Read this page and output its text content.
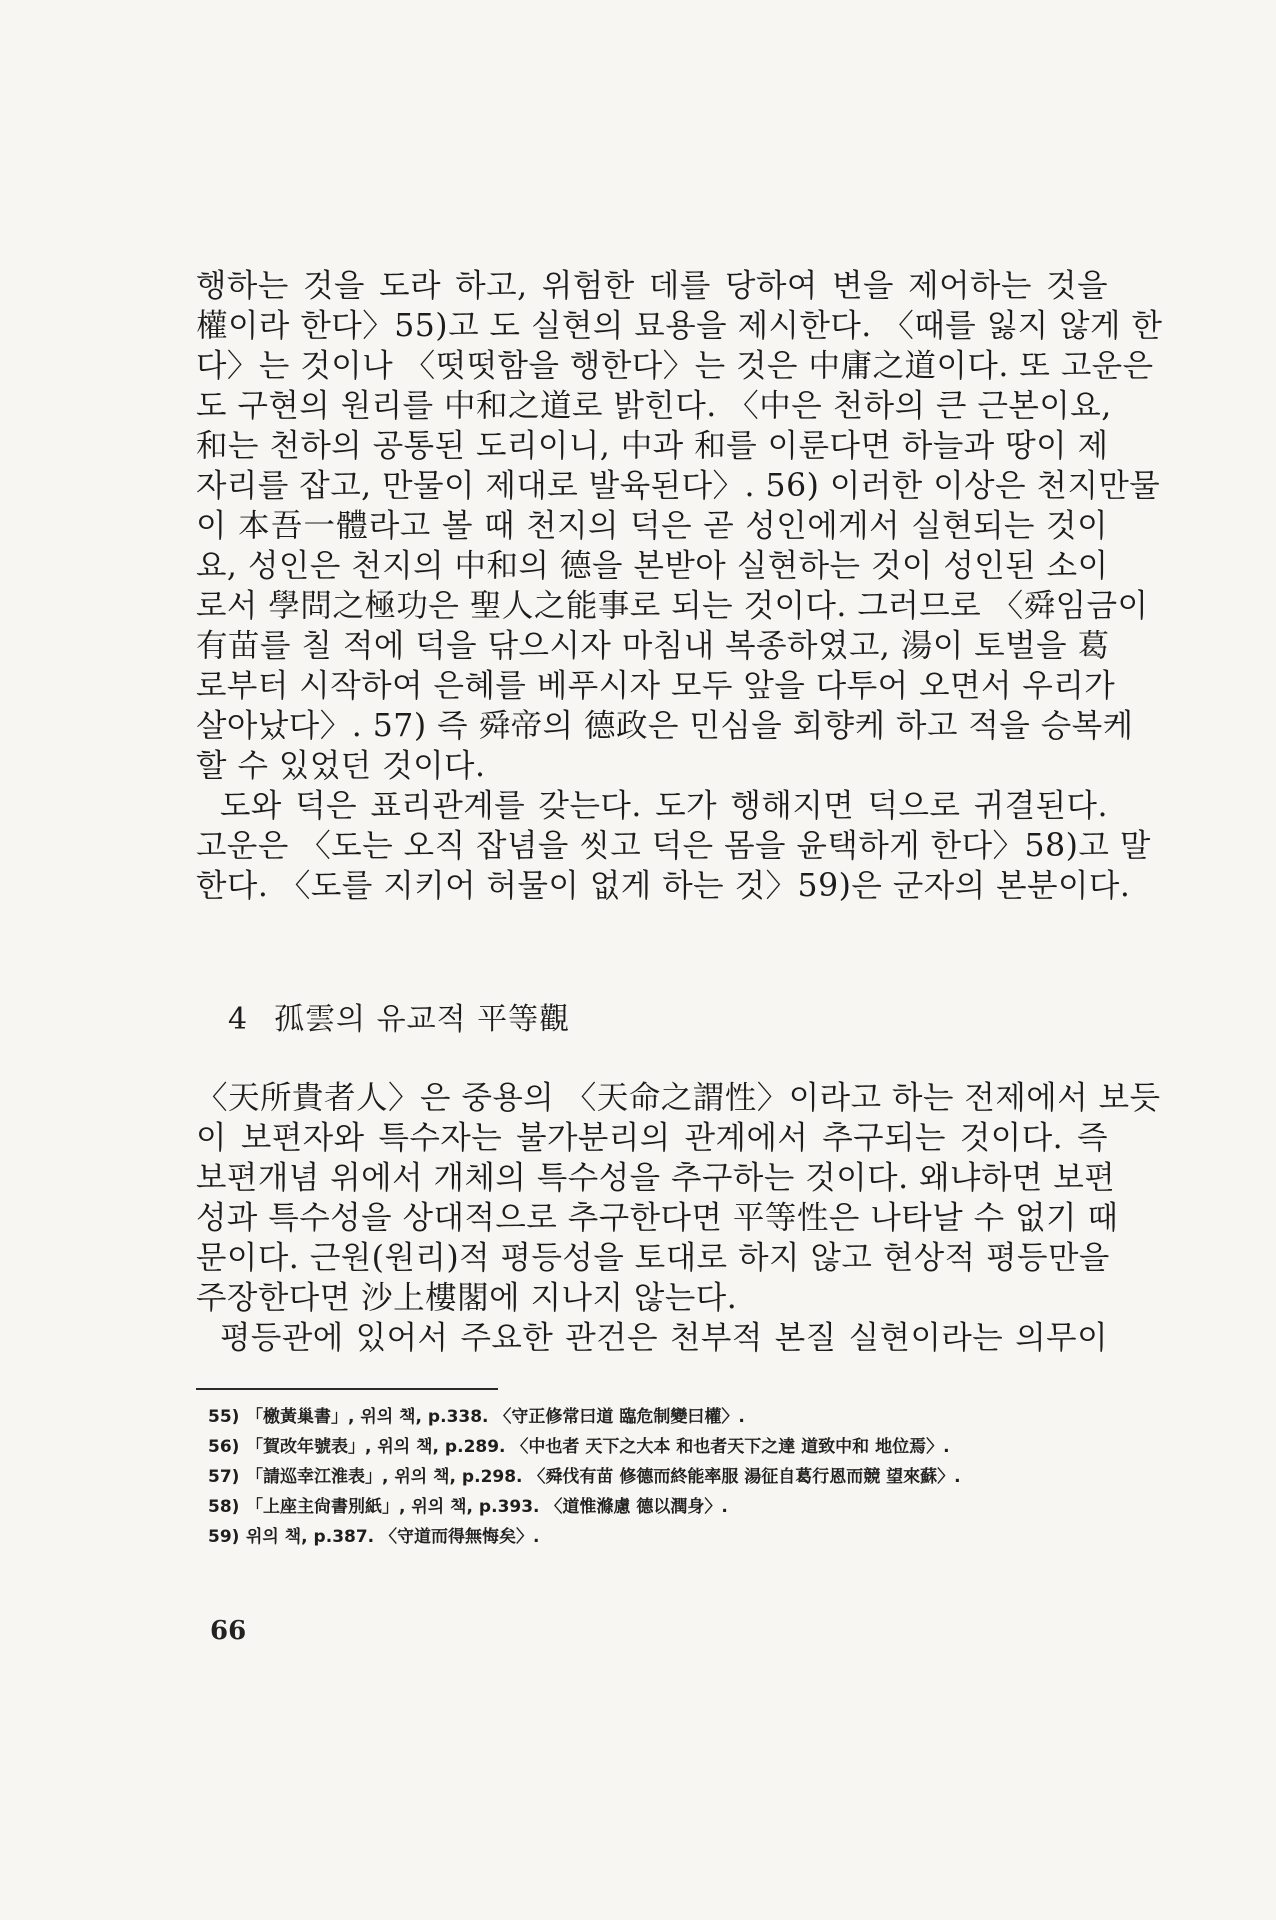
행하는 것을 도라 하고, 위험한 데를 당하여 변을 제어하는 것을
權이라 한다〉55)고 도 실현의 묘용을 제시한다. 〈때를 잃지 않게 한
다〉는 것이나 〈떳떳함을 행한다〉는 것은 中庸之道이다. 또 고운은
도 구현의 원리를 中和之道로 밝힌다. 〈中은 천하의 큰 근본이요,
和는 천하의 공통된 도리이니, 中과 和를 이룬다면 하늘과 땅이 제
자리를 잡고, 만물이 제대로 발육된다〉. 56) 이러한 이상은 천지만물
이 本吾一體라고 볼 때 천지의 덕은 곧 성인에게서 실현되는 것이
요, 성인은 천지의 中和의 德을 본받아 실현하는 것이 성인된 소이
로서 學問之極功은 聖人之能事로 되는 것이다. 그러므로 〈舜임금이
有苗를 칠 적에 덕을 닦으시자 마침내 복종하였고, 湯이 토벌을 葛
로부터 시작하여 은혜를 베푸시자 모두 앞을 다투어 오면서 우리가
살아났다〉. 57) 즉 舜帝의 德政은 민심을 회향케 하고 적을 승복케
할 수 있었던 것이다.
도와 덕은 표리관계를 갖는다. 도가 행해지면 덕으로 귀결된다.
고운은 〈도는 오직 잡념을 씻고 덕은 몸을 윤택하게 한다〉58)고 말
한다. 〈도를 지키어 허물이 없게 하는 것〉59)은 군자의 본분이다.
4 孤雲의 유교적 平等觀
〈天所貴者人〉은 중용의 〈天命之謂性〉이라고 하는 전제에서 보듯
이 보편자와 특수자는 불가분리의 관계에서 추구되는 것이다. 즉
보편개념 위에서 개체의 특수성을 추구하는 것이다. 왜냐하면 보편
성과 특수성을 상대적으로 추구한다면 平等性은 나타날 수 없기 때
문이다. 근원(원리)적 평등성을 토대로 하지 않고 현상적 평등만을
주장한다면 沙上樓閣에 지나지 않는다.
평등관에 있어서 주요한 관건은 천부적 본질 실현이라는 의무이
55) 「檄黃巢書」, 위의 책, p.338. 〈守正修常曰道 臨危制變曰權〉.
56) 「賀改年號表」, 위의 책, p.289. 〈中也者 天下之大本 和也者天下之達 道致中和 地位焉〉.
57) 「請巡幸江淮表」, 위의 책, p.298. 〈舜伐有苗 修德而終能率服 湯征自葛行恩而競 望來蘇〉.
58) 「上座主尙書別紙」, 위의 책, p.393. 〈道惟滌慮 德以潤身〉.
59) 위의 책, p.387. 〈守道而得無悔矣〉.
66
